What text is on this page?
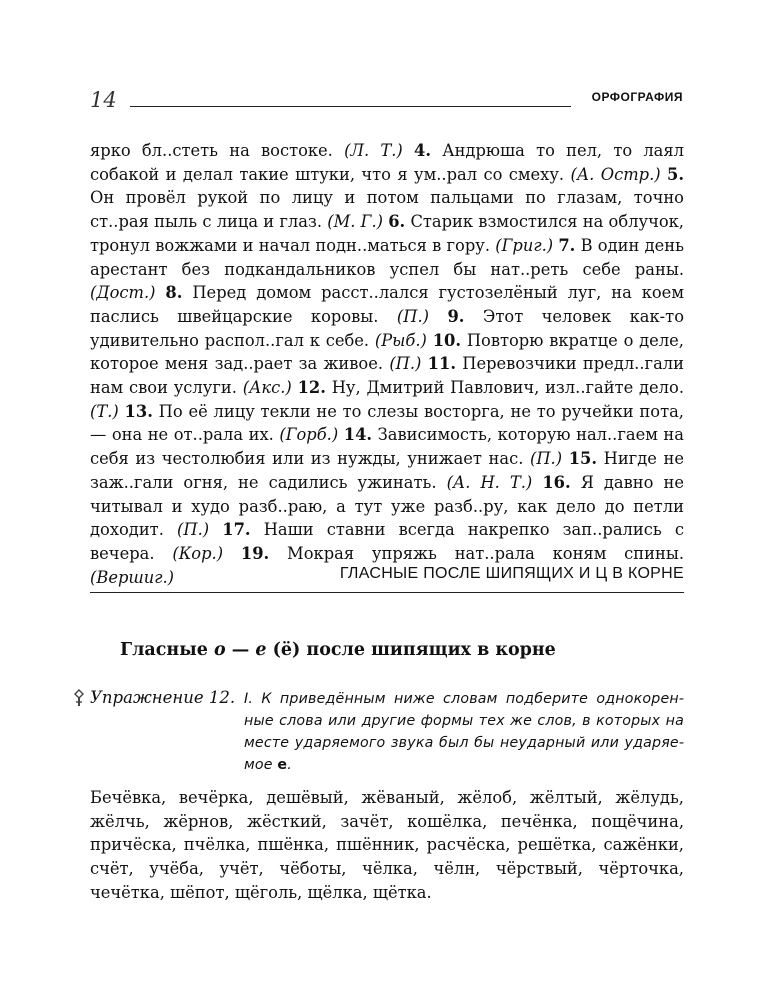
14	ОРФОГРАФИЯ

ярко бл..стеть на востоке. (Л. Т.) 4. Андрюша то пел, то лаял собакой и делал такие штуки, что я ум..рал со смеху. (А. Остр.) 5. Он провёл рукой по лицу и потом пальцами по глазам, точно ст..рая пыль с лица и глаз. (М. Г.) 6. Старик взмостился на облучок, тронул вожжами и начал подн..маться в гору. (Григ.) 7. В один день арестант без подкандальников успел бы нат..реть себе раны. (Дост.) 8. Перед домом расст..лался густозелёный луг, на коем паслись швейцарские коровы. (П.) 9. Этот человек как-то удивительно распол..гал к себе. (Рыб.) 10. Повторю вкратце о деле, которое меня зад..рает за живое. (П.) 11. Перевозчики предл..гали нам свои услуги. (Акс.) 12. Ну, Дмитрий Павлович, изл..гайте дело. (Т.) 13. По её лицу текли не то слезы восторга, не то ручейки пота, — она не от..рала их. (Горб.) 14. Зависимость, которую нал..гаем на себя из честолюбия или из нужды, унижает нас. (П.) 15. Нигде не заж..гали огня, не садились ужинать. (А. Н. Т.) 16. Я давно не читывал и худо разб..раю, а тут уже разб..ру, как дело до петли доходит. (П.) 17. Наши ставни всегда накрепко зап..рались с вечера. (Кор.) 19. Мокрая упряжь нат..рала коням спины. (Вершиг.)	ГЛАСНЫЕ ПОСЛЕ ШИПЯЩИХ И Ц В КОРНЕ
Гласные о — е (ё) после шипящих в корне
Упражнение 12. I. К приведённым ниже словам подберите однокоренные слова или другие формы тех же слов, в которых на месте ударяемого звука был бы неударный или ударяемое е.

Бечёвка, вечёрка, дешёвый, жёваный, жёлоб, жёлтый, жёлудь, жёлчь, жёрнов, жёсткий, зачёт, кошёлка, печёнка, пощёчина, причёска, пчёлка, пшёнка, пшённик, расчёска, решётка, сажёнки, счёт, учёба, учёт, чёботы, чёлка, чёлн, чёрствый, чёрточка, чечётка, шёпот, щёголь, щёлка, щётка.
